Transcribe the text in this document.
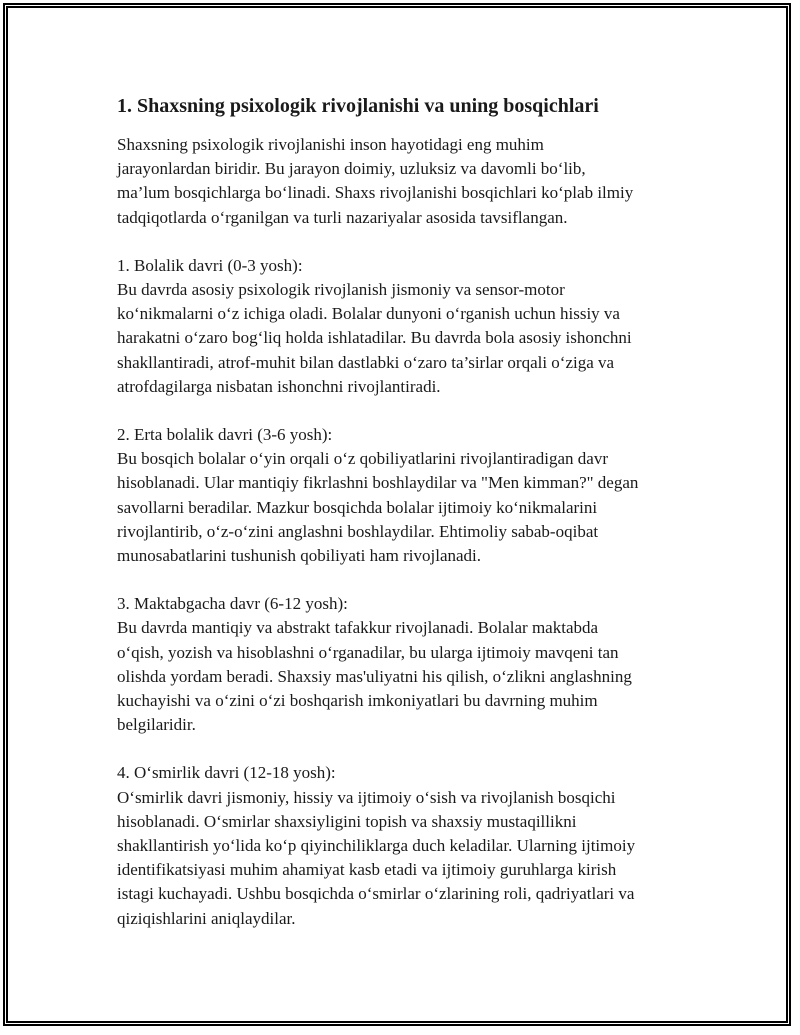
1. Shaxsning psixologik rivojlanishi va uning bosqichlari

Shaxsning psixologik rivojlanishi inson hayotidagi eng muhim
jarayonlardan biridir. Bu jarayon doimiy, uzluksiz va davomli bo‘lib,
ma’lum bosqichlarga bo‘linadi. Shaxs rivojlanishi bosqichlari ko‘plab ilmiy
tadqiqotlarda o‘rganilgan va turli nazariyalar asosida tavsiflangan.

1. Bolalik davri (0-3 yosh):

Bu davrda asosiy psixologik rivojlanish jismoniy va sensor-motor
ko‘nikmalarni o‘z ichiga oladi. Bolalar dunyoni o‘rganish uchun hissiy va
harakatni o‘zaro bog‘liq holda ishlatadilar. Bu davrda bola asosiy ishonchni
shakllantiradi, atrof-muhit bilan dastlabki o‘zaro ta’sirlar orqali o‘ziga va
atrofdagilarga nisbatan ishonchni rivojlantiradi.

2. Erta bolalik davri (3-6 yosh):

Bu bosqich bolalar o‘yin orqali o‘z qobiliyatlarini rivojlantiradigan davr
hisoblanadi. Ular mantiqiy fikrlashni boshlaydilar va "Men kimman?" degan
savollarni beradilar. Mazkur bosqichda bolalar ijtimoiy ko‘nikmalarini
rivojlantirib, o‘z-o‘zini anglashni boshlaydilar. Ehtimoliy sabab-oqibat
munosabatlarini tushunish qobiliyati ham rivojlanadi.

3. Maktabgacha davr (6-12 yosh):

Bu davrda mantiqiy va abstrakt tafakkur rivojlanadi. Bolalar maktabda
o‘qish, yozish va hisoblashni o‘rganadilar, bu ularga ijtimoiy mavqeni tan
olishda yordam beradi. Shaxsiy mas'uliyatni his qilish, o‘zlikni anglashning
kuchayishi va o‘zini o‘zi boshqarish imkoniyatlari bu davrning muhim
belgilaridir.

4. O‘smirlik davri (12-18 yosh):

O‘smirlik davri jismoniy, hissiy va ijtimoiy o‘sish va rivojlanish bosqichi
hisoblanadi. O‘smirlar shaxsiyligini topish va shaxsiy mustaqillikni
shakllantirish yo‘lida ko‘p qiyinchiliklarga duch keladilar. Ularning ijtimoiy
identifikatsiyasi muhim ahamiyat kasb etadi va ijtimoiy guruhlarga kirish
istagi kuchayadi. Ushbu bosqichda o‘smirlar o‘zlarining roli, qadriyatlari va
qiziqishlarini aniqlaydilar.
